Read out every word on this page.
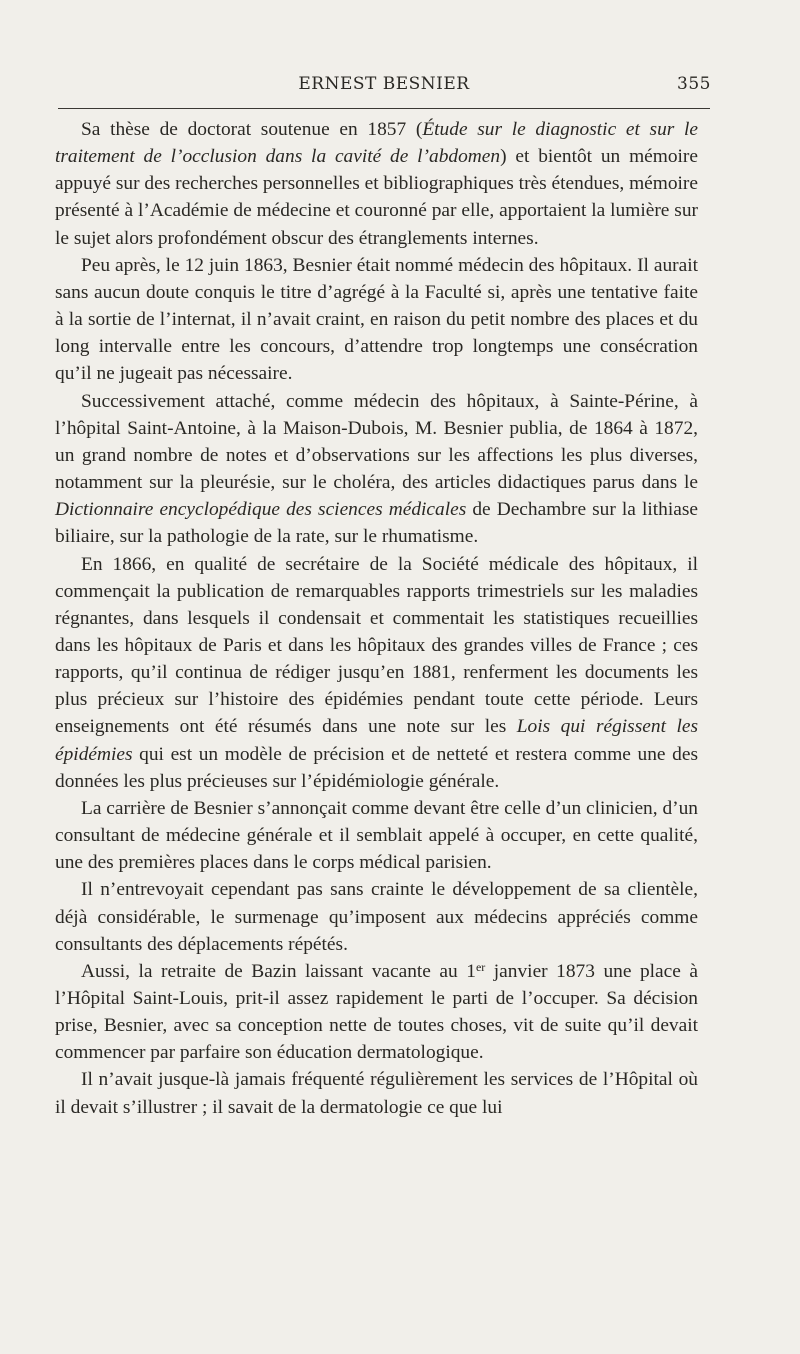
ERNEST BESNIER	355

Sa thèse de doctorat soutenue en 1857 (Étude sur le diagnostic et sur le traitement de l’occlusion dans la cavité de l’abdomen) et bientôt un mémoire appuyé sur des recherches personnelles et bibliographiques très étendues, mémoire présenté à l’Académie de médecine et couronné par elle, apportaient la lumière sur le sujet alors profondément obscur des étranglements internes.

Peu après, le 12 juin 1863, Besnier était nommé médecin des hôpitaux. Il aurait sans aucun doute conquis le titre d’agrégé à la Faculté si, après une tentative faite à la sortie de l’internat, il n’avait craint, en raison du petit nombre des places et du long intervalle entre les concours, d’attendre trop longtemps une consécration qu’il ne jugeait pas nécessaire.

Successivement attaché, comme médecin des hôpitaux, à Sainte-Périne, à l’hôpital Saint-Antoine, à la Maison-Dubois, M. Besnier publia, de 1864 à 1872, un grand nombre de notes et d’observations sur les affections les plus diverses, notamment sur la pleurésie, sur le choléra, des articles didactiques parus dans le Dictionnaire encyclopédique des sciences médicales de Dechambre sur la lithiase biliaire, sur la pathologie de la rate, sur le rhumatisme.

En 1866, en qualité de secrétaire de la Société médicale des hôpitaux, il commençait la publication de remarquables rapports trimestriels sur les maladies régnantes, dans lesquels il condensait et commentait les statistiques recueillies dans les hôpitaux de Paris et dans les hôpitaux des grandes villes de France ; ces rapports, qu’il continua de rédiger jusqu’en 1881, renferment les documents les plus précieux sur l’histoire des épidémies pendant toute cette période. Leurs enseignements ont été résumés dans une note sur les Lois qui régissent les épidémies qui est un modèle de précision et de netteté et restera comme une des données les plus précieuses sur l’épidémiologie générale.

La carrière de Besnier s’annonçait comme devant être celle d’un clinicien, d’un consultant de médecine générale et il semblait appelé à occuper, en cette qualité, une des premières places dans le corps médical parisien.

Il n’entrevoyait cependant pas sans crainte le développement de sa clientèle, déjà considérable, le surmenage qu’imposent aux médecins appréciés comme consultants des déplacements répétés.

Aussi, la retraite de Bazin laissant vacante au 1er janvier 1873 une place à l’Hôpital Saint-Louis, prit-il assez rapidement le parti de l’occuper. Sa décision prise, Besnier, avec sa conception nette de toutes choses, vit de suite qu’il devait commencer par parfaire son éducation dermatologique.

Il n’avait jusque-là jamais fréquenté régulièrement les services de l’Hôpital où il devait s’illustrer ; il savait de la dermatologie ce que lui
